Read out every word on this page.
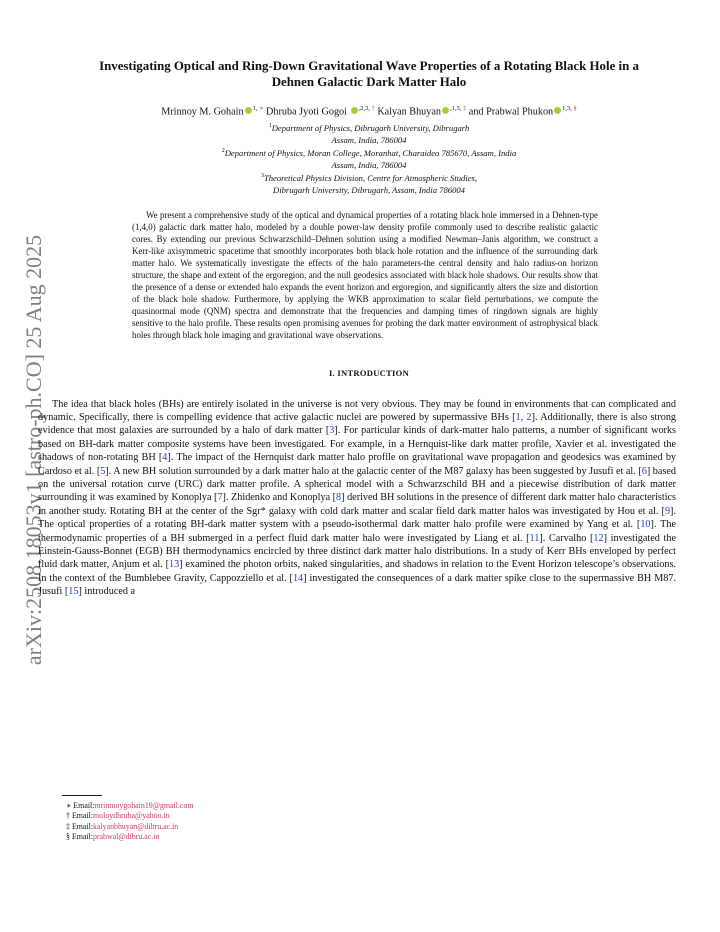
arXiv:2508.18053v1 [astro-ph.CO] 25 Aug 2025
Investigating Optical and Ring-Down Gravitational Wave Properties of a Rotating Black Hole in a Dehnen Galactic Dark Matter Halo
Mrinnoy M. Gohain $^{1, ∗}$ Dhruba Jyoti Gogoi $^{,2,3, \dagger}$ Kalyan Bhuyan $^{,1,3, \ddagger}$ and Prabwal Phukon $^{1,3, \S}$
$^1$Department of Physics, Dibrugarh University, Dibrugarh
Assam, India, 786004
$^2$Department of Physics, Moran College, Moranhat, Charaideo 785670, Assam, India
Assam, India, 786004
$^3$Theoretical Physics Division, Centre for Atmospheric Studies,
Dibrugarh University, Dibrugarh, Assam, India 786004
We present a comprehensive study of the optical and dynamical properties of a rotating black hole immersed in a Dehnen-type (1,4,0) galactic dark matter halo, modeled by a double power-law density profile commonly used to describe realistic galactic cores. By extending our previous Schwarzschild–Dehnen solution using a modified Newman–Janis algorithm, we construct a Kerr-like axisymmetric spacetime that smoothly incorporates both black hole rotation and the influence of the surrounding dark matter halo. We systematically investigate the effects of the halo parameters-the central density and halo radius-on horizon structure, the shape and extent of the ergoregion, and the null geodesics associated with black hole shadows. Our results show that the presence of a dense or extended halo expands the event horizon and ergoregion, and significantly alters the size and distortion of the black hole shadow. Furthermore, by applying the WKB approximation to scalar field perturbations, we compute the quasinormal mode (QNM) spectra and demonstrate that the frequencies and damping times of ringdown signals are highly sensitive to the halo profile. These results open promising avenues for probing the dark matter environment of astrophysical black holes through black hole imaging and gravitational wave observations.
I. INTRODUCTION
The idea that black holes (BHs) are entirely isolated in the universe is not very obvious. They may be found in environments that can complicated and dynamic. Specifically, there is compelling evidence that active galactic nuclei are powered by supermassive BHs [1, 2]. Additionally, there is also strong evidence that most galaxies are surrounded by a halo of dark matter [3]. For particular kinds of dark-matter halo patterns, a number of significant works based on BH-dark matter composite systems have been investigated. For example, in a Hernquist-like dark matter profile, Xavier et al. investigated the shadows of non-rotating BH [4]. The impact of the Hernquist dark matter halo profile on gravitational wave propagation and geodesics was examined by Cardoso et al. [5]. A new BH solution surrounded by a dark matter halo at the galactic center of the M87 galaxy has been suggested by Jusufi et al. [6] based on the universal rotation curve (URC) dark matter profile. A spherical model with a Schwarzschild BH and a piecewise distribution of dark matter surrounding it was examined by Konoplya [7]. Zhidenko and Konoplya [8] derived BH solutions in the presence of different dark matter halo characteristics in another study. Rotating BH at the center of the Sgr* galaxy with cold dark matter and scalar field dark matter halos was investigated by Hou et al. [9]. The optical properties of a rotating BH-dark matter system with a pseudo-isothermal dark matter halo profile were examined by Yang et al. [10]. The thermodynamic properties of a BH submerged in a perfect fluid dark matter halo were investigated by Liang et al. [11]. Carvalho [12] investigated the Einstein-Gauss-Bonnet (EGB) BH thermodynamics encircled by three distinct dark matter halo distributions. In a study of Kerr BHs enveloped by perfect fluid dark matter, Anjum et al. [13] examined the photon orbits, naked singularities, and shadows in relation to the Event Horizon telescope’s observations. In the context of the Bumblebee Gravity, Cappozziello et al. [14] investigated the consequences of a dark matter spike close to the supermassive BH M87. Jusufi [15] introduced a
∗ Email:mrinmoygohain19@gmail.com
† Email:moloydhruba@yahoo.in
‡ Email:kalyanbhuyan@dibru.ac.in
§ Email:prabwal@dibru.ac.in
